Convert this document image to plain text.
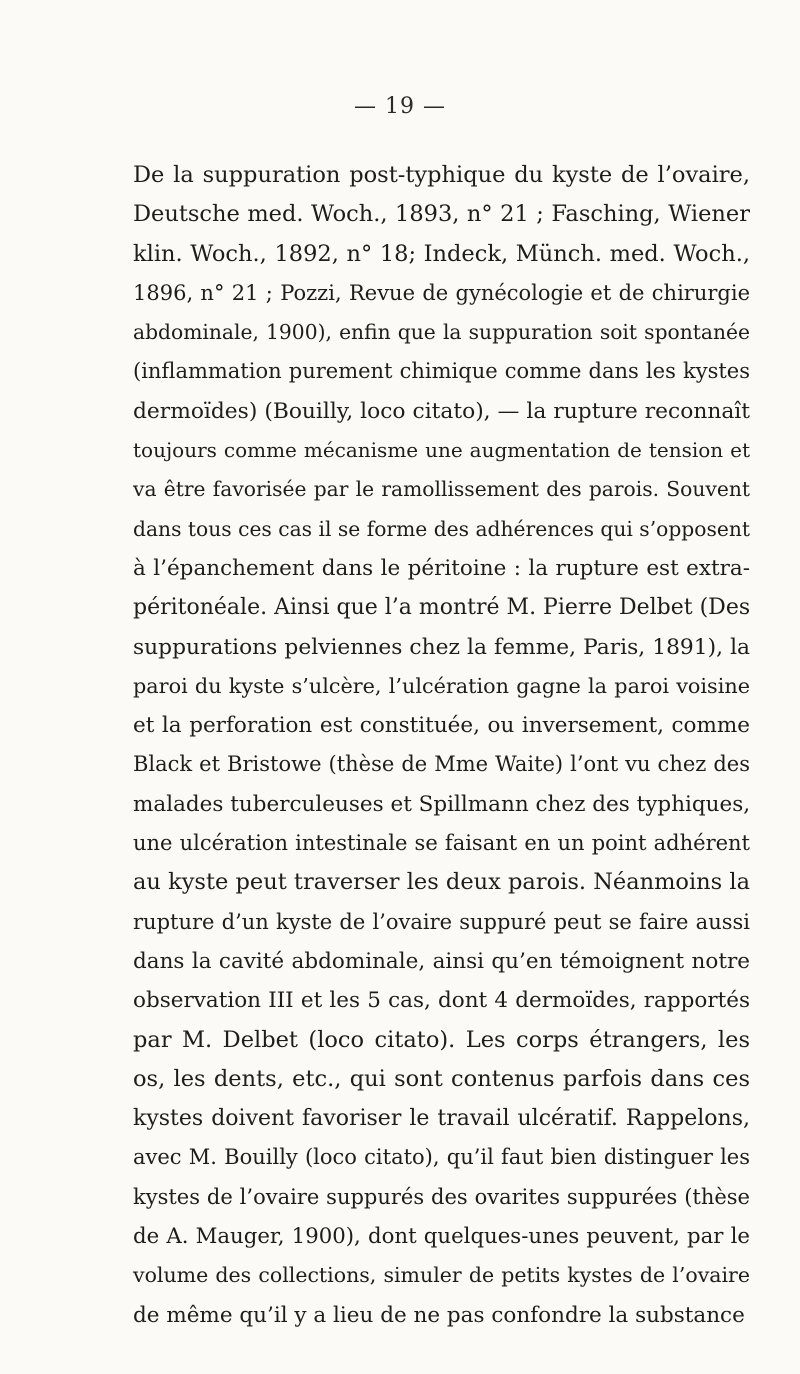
— 19 —
De la suppuration post-typhique du kyste de l’ovaire,
Deutsche med. Woch., 1893, n° 21 ; Fasching, Wiener
klin. Woch., 1892, n° 18; Indeck, Münch. med. Woch.,
1896, n° 21 ; Pozzi, Revue de gynécologie et de chirurgie
abdominale, 1900), enfin que la suppuration soit spontanée
(inflammation purement chimique comme dans les kystes
dermoïdes) (Bouilly, loco citato), — la rupture reconnaît
toujours comme mécanisme une augmentation de tension et
va être favorisée par le ramollissement des parois. Souvent
dans tous ces cas il se forme des adhérences qui s’opposent
à l’épanchement dans le péritoine : la rupture est extra-
péritonéale. Ainsi que l’a montré M. Pierre Delbet (Des
suppurations pelviennes chez la femme, Paris, 1891), la
paroi du kyste s’ulcère, l’ulcération gagne la paroi voisine
et la perforation est constituée, ou inversement, comme
Black et Bristowe (thèse de Mme Waite) l’ont vu chez des
malades tuberculeuses et Spillmann chez des typhiques,
une ulcération intestinale se faisant en un point adhérent
au kyste peut traverser les deux parois. Néanmoins la
rupture d’un kyste de l’ovaire suppuré peut se faire aussi
dans la cavité abdominale, ainsi qu’en témoignent notre
observation III et les 5 cas, dont 4 dermoïdes, rapportés
par M. Delbet (loco citato). Les corps étrangers, les
os, les dents, etc., qui sont contenus parfois dans ces
kystes doivent favoriser le travail ulcératif. Rappelons,
avec M. Bouilly (loco citato), qu’il faut bien distinguer les
kystes de l’ovaire suppurés des ovarites suppurées (thèse
de A. Mauger, 1900), dont quelques-unes peuvent, par le
volume des collections, simuler de petits kystes de l’ovaire
de même qu’il y a lieu de ne pas confondre la substance
